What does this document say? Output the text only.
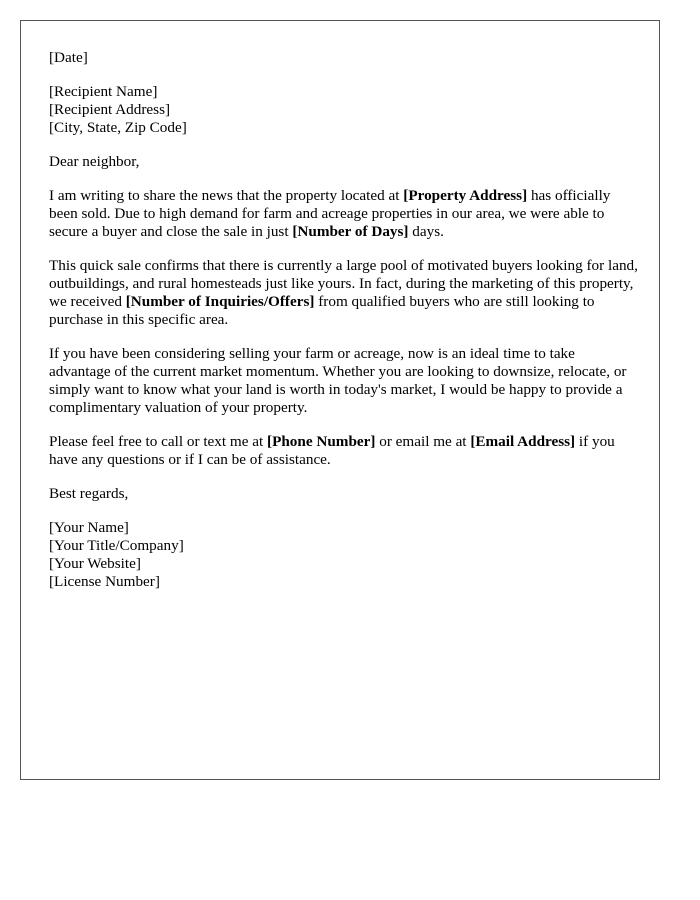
[Date]
[Recipient Name]
[Recipient Address]
[City, State, Zip Code]
Dear neighbor,

I am writing to share the news that the property located at [Property Address] has officially been sold. Due to high demand for farm and acreage properties in our area, we were able to secure a buyer and close the sale in just [Number of Days] days.

This quick sale confirms that there is currently a large pool of motivated buyers looking for land, outbuildings, and rural homesteads just like yours. In fact, during the marketing of this property, we received [Number of Inquiries/Offers] from qualified buyers who are still looking to purchase in this specific area.

If you have been considering selling your farm or acreage, now is an ideal time to take advantage of the current market momentum. Whether you are looking to downsize, relocate, or simply want to know what your land is worth in today's market, I would be happy to provide a complimentary valuation of your property.

Please feel free to call or text me at [Phone Number] or email me at [Email Address] if you have any questions or if I can be of assistance.

Best regards,
[Your Name]
[Your Title/Company]
[Your Website]
[License Number]
